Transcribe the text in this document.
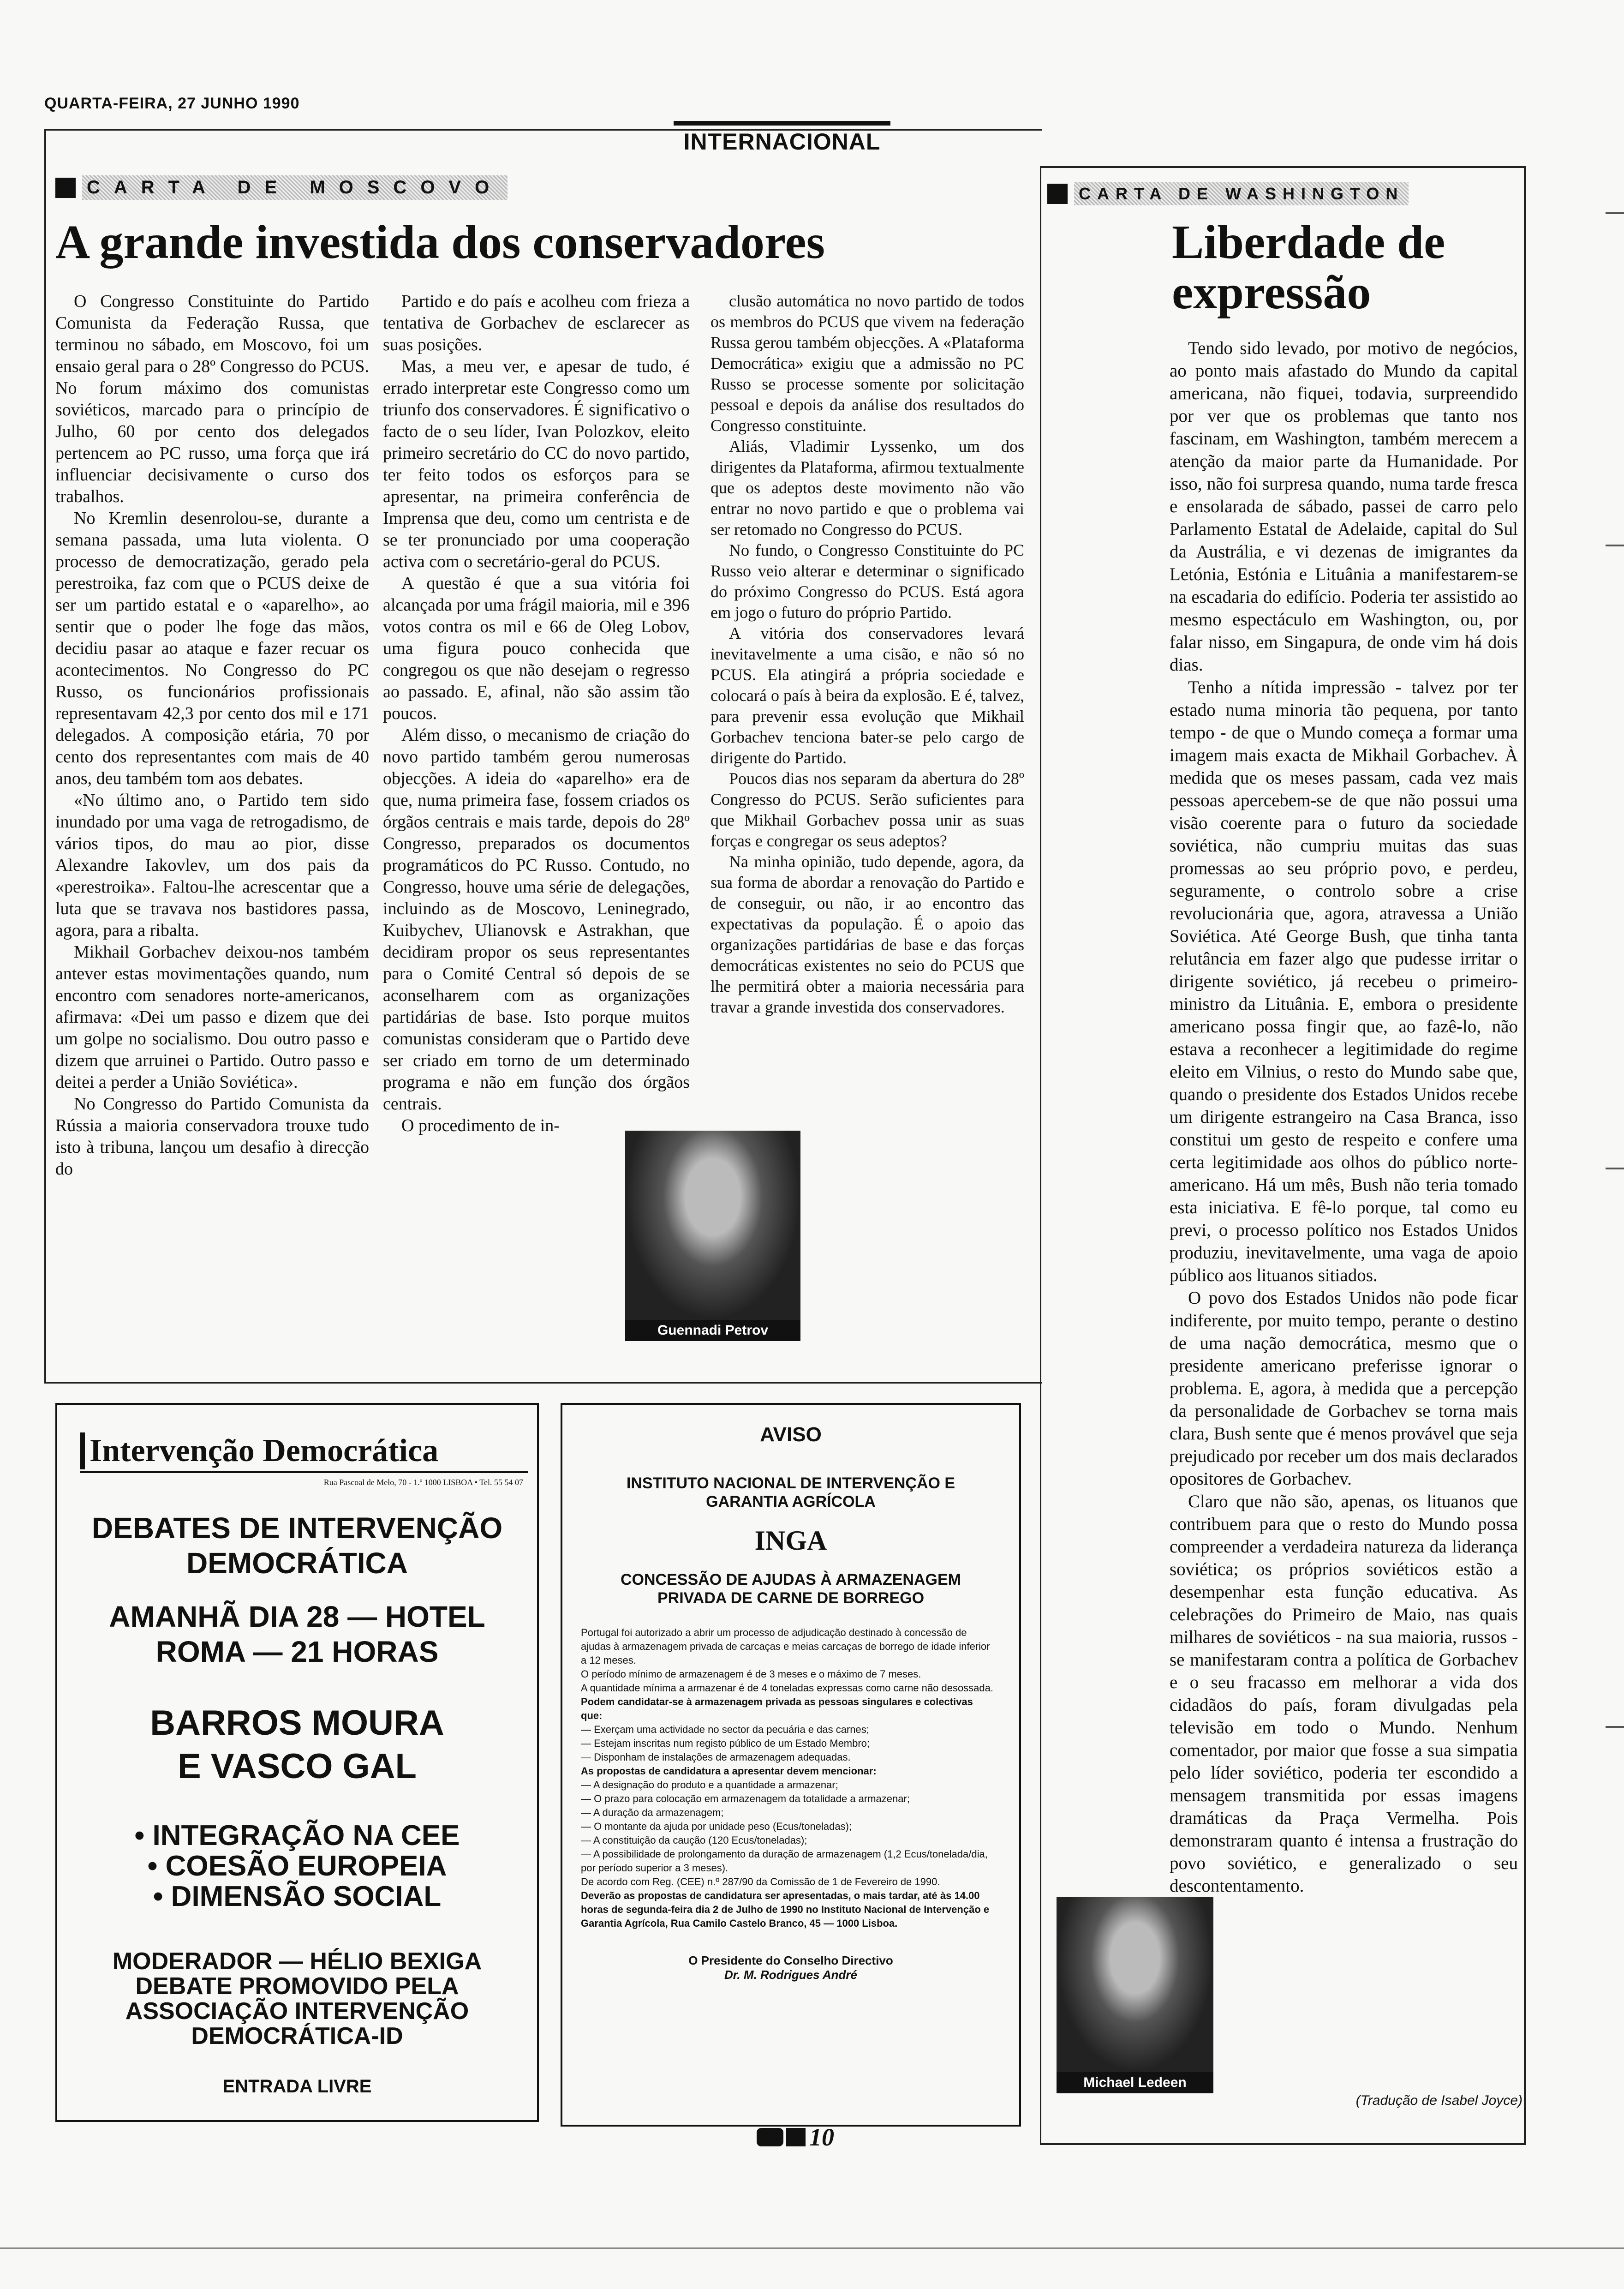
QUARTA-FEIRA, 27 JUNHO 1990
INTERNACIONAL
CARTA DE MOSCOVO
A grande investida dos conservadores

O Congresso Constituinte do Partido Comunista da Federação Russa, que terminou no sábado, em Moscovo, foi um ensaio geral para o 28º Congresso do PCUS. No forum máximo dos comunistas soviéticos, marcado para o princípio de Julho, 60 por cento dos delegados pertencem ao PC russo, uma força que irá influenciar decisivamente o curso dos trabalhos.

No Kremlin desenrolou-se, durante a semana passada, uma luta violenta. O processo de democratização, gerado pela perestroika, faz com que o PCUS deixe de ser um partido estatal e o «aparelho», ao sentir que o poder lhe foge das mãos, decidiu pasar ao ataque e fazer recuar os acontecimentos. No Congresso do PC Russo, os funcionários profissionais representavam 42,3 por cento dos mil e 171 delegados. A composição etária, 70 por cento dos representantes com mais de 40 anos, deu também tom aos debates.

«No último ano, o Partido tem sido inundado por uma vaga de retrogadismo, de vários tipos, do mau ao pior, disse Alexandre Iakovlev, um dos pais da «perestroika». Faltou-lhe acrescentar que a luta que se travava nos bastidores passa, agora, para a ribalta.

Mikhail Gorbachev deixou-nos também antever estas movimentações quando, num encontro com senadores norte-americanos, afirmava: «Dei um passo e dizem que dei um golpe no socialismo. Dou outro passo e dizem que arruinei o Partido. Outro passo e deitei a perder a União Soviética».

No Congresso do Partido Comunista da Rússia a maioria conservadora trouxe tudo isto à tribuna, lançou um desafio à direcção do

Partido e do país e acolheu com frieza a tentativa de Gorbachev de esclarecer as suas posições.

Mas, a meu ver, e apesar de tudo, é errado interpretar este Congresso como um triunfo dos conservadores. É significativo o facto de o seu líder, Ivan Polozkov, eleito primeiro secretário do CC do novo partido, ter feito todos os esforços para se apresentar, na primeira conferência de Imprensa que deu, como um centrista e de se ter pronunciado por uma cooperação activa com o secretário-geral do PCUS.

A questão é que a sua vitória foi alcançada por uma frágil maioria, mil e 396 votos contra os mil e 66 de Oleg Lobov, uma figura pouco conhecida que congregou os que não desejam o regresso ao passado. E, afinal, não são assim tão poucos.

Além disso, o mecanismo de criação do novo partido também gerou numerosas objecções. A ideia do «aparelho» era de que, numa primeira fase, fossem criados os órgãos centrais e mais tarde, depois do 28º Congresso, preparados os documentos programáticos do PC Russo. Contudo, no Congresso, houve uma série de delegações, incluindo as de Moscovo, Leninegrado, Kuibychev, Ulianovsk e Astrakhan, que decidiram propor os seus representantes para o Comité Central só depois de se aconselharem com as organizações partidárias de base. Isto porque muitos comunistas consideram que o Partido deve ser criado em torno de um determinado programa e não em função dos órgãos centrais.

O procedimento de in-

clusão automática no novo partido de todos os membros do PCUS que vivem na federação Russa gerou também objecções. A «Plataforma Democrática» exigiu que a admissão no PC Russo se processe somente por solicitação pessoal e depois da análise dos resultados do Congresso constituinte.

Aliás, Vladimir Lyssenko, um dos dirigentes da Plataforma, afirmou textualmente que os adeptos deste movimento não vão entrar no novo partido e que o problema vai ser retomado no Congresso do PCUS.

No fundo, o Congresso Constituinte do PC Russo veio alterar e determinar o significado do próximo Congresso do PCUS. Está agora em jogo o futuro do próprio Partido.

A vitória dos conservadores levará inevitavelmente a uma cisão, e não só no PCUS. Ela atingirá a própria sociedade e colocará o país à beira da explosão. E é, talvez, para prevenir essa evolução que Mikhail Gorbachev tenciona bater-se pelo cargo de dirigente do Partido.

Poucos dias nos separam da abertura do 28º Congresso do PCUS. Serão suficientes para que Mikhail Gorbachev possa unir as suas forças e congregar os seus adeptos?

Na minha opinião, tudo depende, agora, da sua forma de abordar a renovação do Partido e de conseguir, ou não, ir ao encontro das expectativas da população. É o apoio das organizações partidárias de base e das forças democráticas existentes no seio do PCUS que lhe permitirá obter a maioria necessária para travar a grande investida dos conservadores.

Guennadi Petrov
CARTA DE WASHINGTON
Liberdade de expressão

Tendo sido levado, por motivo de negócios, ao ponto mais afastado do Mundo da capital americana, não fiquei, todavia, surpreendido por ver que os problemas que tanto nos fascinam, em Washington, também merecem a atenção da maior parte da Humanidade. Por isso, não foi surpresa quando, numa tarde fresca e ensolarada de sábado, passei de carro pelo Parlamento Estatal de Adelaide, capital do Sul da Austrália, e vi dezenas de imigrantes da Letónia, Estónia e Lituânia a manifestarem-se na escadaria do edifício. Poderia ter assistido ao mesmo espectáculo em Washington, ou, por falar nisso, em Singapura, de onde vim há dois dias.

Tenho a nítida impressão - talvez por ter estado numa minoria tão pequena, por tanto tempo - de que o Mundo começa a formar uma imagem mais exacta de Mikhail Gorbachev. À medida que os meses passam, cada vez mais pessoas apercebem-se de que não possui uma visão coerente para o futuro da sociedade soviética, não cumpriu muitas das suas promessas ao seu próprio povo, e perdeu, seguramente, o controlo sobre a crise revolucionária que, agora, atravessa a União Soviética. Até George Bush, que tinha tanta relutância em fazer algo que pudesse irritar o dirigente soviético, já recebeu o primeiro-ministro da Lituânia. E, embora o presidente americano possa fingir que, ao fazê-lo, não estava a reconhecer a legitimidade do regime eleito em Vilnius, o resto do Mundo sabe que, quando o presidente dos Estados Unidos recebe um dirigente estrangeiro na Casa Branca, isso constitui um gesto de respeito e confere uma certa legitimidade aos olhos do público norte-americano. Há um mês, Bush não teria tomado esta iniciativa. E fê-lo porque, tal como eu previ, o processo político nos Estados Unidos produziu, inevitavelmente, uma vaga de apoio público aos lituanos sitiados.

O povo dos Estados Unidos não pode ficar indiferente, por muito tempo, perante o destino de uma nação democrática, mesmo que o presidente americano preferisse ignorar o problema. E, agora, à medida que a percepção da personalidade de Gorbachev se torna mais clara, Bush sente que é menos provável que seja prejudicado por receber um dos mais declarados opositores de Gorbachev.

Claro que não são, apenas, os lituanos que contribuem para que o resto do Mundo possa compreender a verdadeira natureza da liderança soviética; os próprios soviéticos estão a desempenhar esta função educativa. As celebrações do Primeiro de Maio, nas quais milhares de soviéticos - na sua maioria, russos - se manifestaram contra a política de Gorbachev e o seu fracasso em melhorar a vida dos cidadãos do país, foram divulgadas pela televisão em todo o Mundo. Nenhum comentador, por maior que fosse a sua simpatia pelo líder soviético, poderia ter escondido a mensagem transmitida por essas imagens dramáticas da Praça Vermelha. Pois demonstraram quanto é intensa a frustração do povo soviético, e generalizado o seu descontentamento.

Michael Ledeen
(Tradução de Isabel Joyce)
Intervenção Democrática
Rua Pascoal de Melo, 70 - 1.º 1000 LISBOA • Tel. 55 54 07
DEBATES DE INTERVENÇÃO DEMOCRÁTICA
AMANHÃ DIA 28 — HOTEL ROMA — 21 HORAS
BARROS MOURA E VASCO GAL
• INTEGRAÇÃO NA CEE
• COESÃO EUROPEIA
• DIMENSÃO SOCIAL
MODERADOR — HÉLIO BEXIGA
DEBATE PROMOVIDO PELA ASSOCIAÇÃO INTERVENÇÃO DEMOCRÁTICA-ID
ENTRADA LIVRE
AVISO
INSTITUTO NACIONAL DE INTERVENÇÃO E GARANTIA AGRÍCOLA
INGA
CONCESSÃO DE AJUDAS À ARMAZENAGEM PRIVADA DE CARNE DE BORREGO
Portugal foi autorizado a abrir um processo de adjudicação destinado à concessão de ajudas à armazenagem privada de carcaças e meias carcaças de borrego de idade inferior a 12 meses.
O período mínimo de armazenagem é de 3 meses e o máximo de 7 meses.
A quantidade mínima a armazenar é de 4 toneladas expressas como carne não desossada.
Podem candidatar-se à armazenagem privada as pessoas singulares e colectivas que:
— Exerçam uma actividade no sector da pecuária e das carnes;
— Estejam inscritas num registo público de um Estado Membro;
— Disponham de instalações de armazenagem adequadas.
As propostas de candidatura a apresentar devem mencionar:
— A designação do produto e a quantidade a armazenar;
— O prazo para colocação em armazenagem da totalidade a armazenar;
— A duração da armazenagem;
— O montante da ajuda por unidade peso (Ecus/toneladas);
— A constituição da caução (120 Ecus/toneladas);
— A possibilidade de prolongamento da duração de armazenagem (1,2 Ecus/tonelada/dia, por período superior a 3 meses).
De acordo com Reg. (CEE) n.º 287/90 da Comissão de 1 de Fevereiro de 1990.
Deverão as propostas de candidatura ser apresentadas, o mais tardar, até às 14.00 horas de segunda-feira dia 2 de Julho de 1990 no Instituto Nacional de Intervenção e Garantia Agrícola, Rua Camilo Castelo Branco, 45 — 1000 Lisboa.
O Presidente do Conselho Directivo
Dr. M. Rodrigues André
10
